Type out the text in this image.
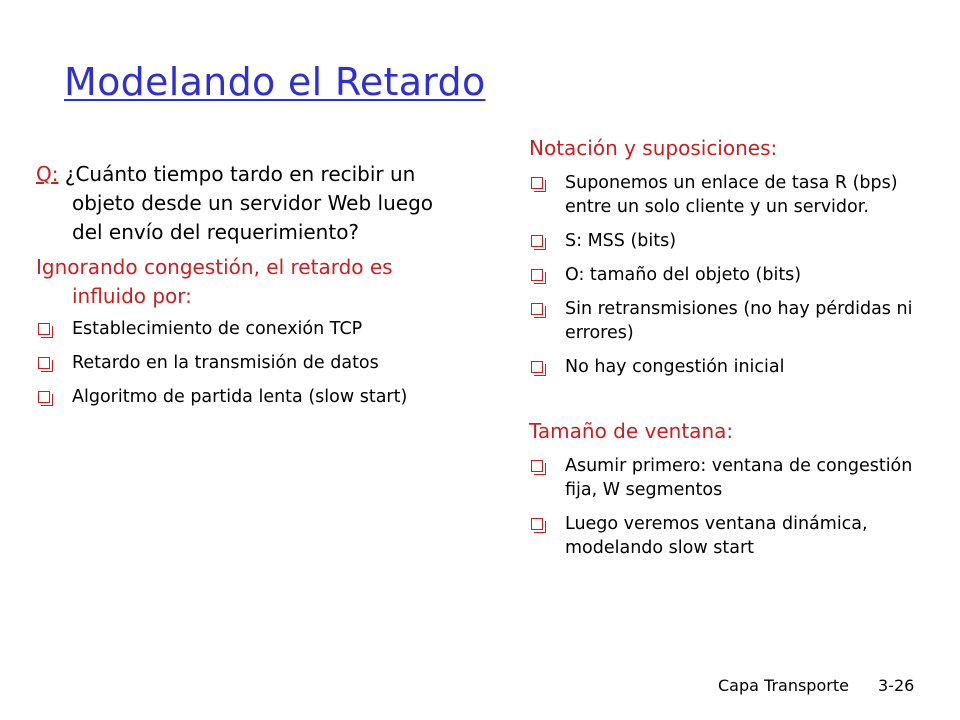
Modelando el Retardo

Q: ¿Cuánto tiempo tardo en recibir un objeto desde un servidor Web luego del envío del requerimiento?

Ignorando congestión, el retardo es influido por:

Establecimiento de conexión TCP
Retardo en la transmisión de datos
Algoritmo de partida lenta (slow start)
Notación y suposiciones:
Suponemos un enlace de tasa R (bps) entre un solo cliente y un servidor.
S: MSS (bits)
O: tamaño del objeto (bits)
Sin retransmisiones (no hay pérdidas ni errores)
No hay congestión inicial
Tamaño de ventana:
Asumir primero: ventana de congestión fija, W segmentos
Luego veremos ventana dinámica, modelando slow start
Capa Transporte 3-26
